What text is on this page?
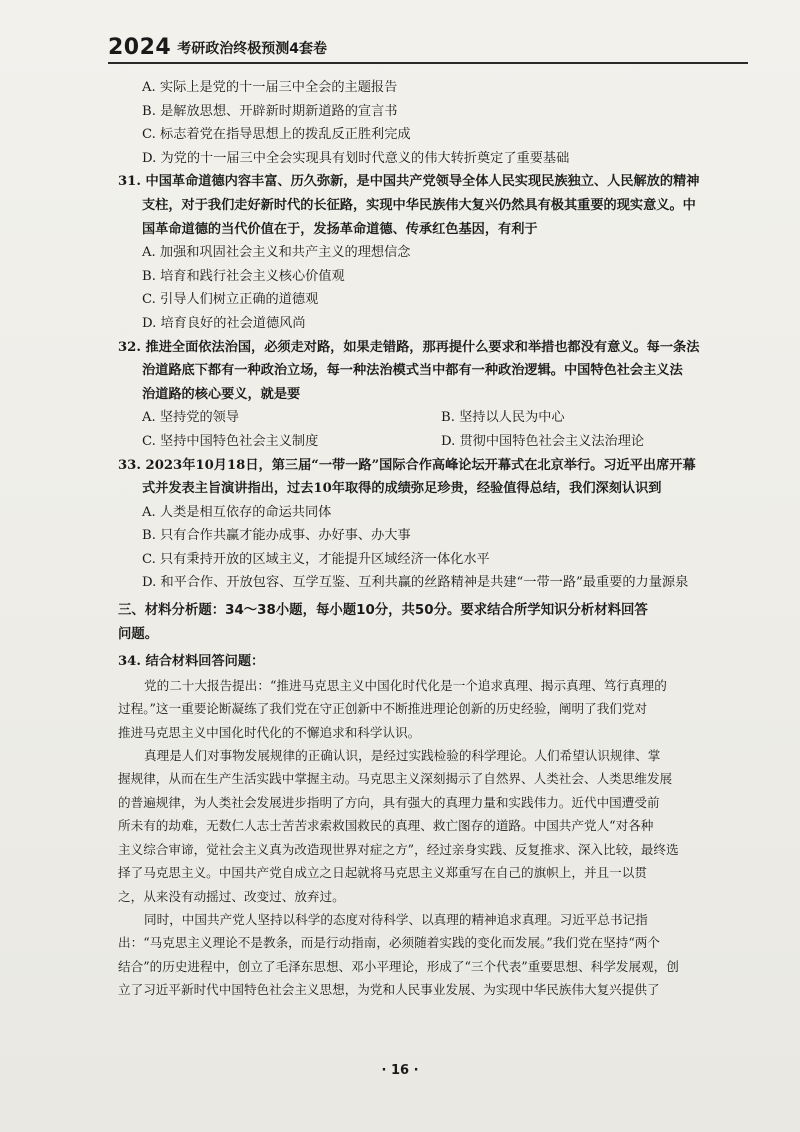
2024 考研政治终极预测4套卷
A. 实际上是党的十一届三中全会的主题报告
B. 是解放思想、开辟新时期新道路的宣言书
C. 标志着党在指导思想上的拨乱反正胜利完成
D. 为党的十一届三中全会实现具有划时代意义的伟大转折奠定了重要基础
31. 中国革命道德内容丰富、历久弥新，是中国共产党领导全体人民实现民族独立、人民解放的精神
支柱，对于我们走好新时代的长征路，实现中华民族伟大复兴仍然具有极其重要的现实意义。中
国革命道德的当代价值在于，发扬革命道德、传承红色基因，有利于
A. 加强和巩固社会主义和共产主义的理想信念
B. 培育和践行社会主义核心价值观
C. 引导人们树立正确的道德观
D. 培育良好的社会道德风尚
32. 推进全面依法治国，必须走对路，如果走错路，那再提什么要求和举措也都没有意义。每一条法
治道路底下都有一种政治立场，每一种法治模式当中都有一种政治逻辑。中国特色社会主义法
治道路的核心要义，就是要
A. 坚持党的领导	B. 坚持以人民为中心
C. 坚持中国特色社会主义制度	D. 贯彻中国特色社会主义法治理论
33. 2023年10月18日，第三届“一带一路”国际合作高峰论坛开幕式在北京举行。习近平出席开幕
式并发表主旨演讲指出，过去10年取得的成绩弥足珍贵，经验值得总结，我们深刻认识到
A. 人类是相互依存的命运共同体
B. 只有合作共赢才能办成事、办好事、办大事
C. 只有秉持开放的区域主义，才能提升区域经济一体化水平
D. 和平合作、开放包容、互学互鉴、互利共赢的丝路精神是共建“一带一路”最重要的力量源泉
三、材料分析题：34～38小题，每小题10分，共50分。要求结合所学知识分析材料回答
问题。
34. 结合材料回答问题：
党的二十大报告提出：“推进马克思主义中国化时代化是一个追求真理、揭示真理、笃行真理的
过程。”这一重要论断凝练了我们党在守正创新中不断推进理论创新的历史经验，阐明了我们党对
推进马克思主义中国化时代化的不懈追求和科学认识。
真理是人们对事物发展规律的正确认识，是经过实践检验的科学理论。人们希望认识规律、掌
握规律，从而在生产生活实践中掌握主动。马克思主义深刻揭示了自然界、人类社会、人类思维发展
的普遍规律，为人类社会发展进步指明了方向，具有强大的真理力量和实践伟力。近代中国遭受前
所未有的劫难，无数仁人志士苦苦求索救国救民的真理、救亡图存的道路。中国共产党人“对各种
主义综合审谛，觉社会主义真为改造现世界对症之方”，经过亲身实践、反复推求、深入比较，最终选
择了马克思主义。中国共产党自成立之日起就将马克思主义郑重写在自己的旗帜上，并且一以贯
之，从来没有动摇过、改变过、放弃过。
同时，中国共产党人坚持以科学的态度对待科学、以真理的精神追求真理。习近平总书记指
出：“马克思主义理论不是教条，而是行动指南，必须随着实践的变化而发展。”我们党在坚持“两个
结合”的历史进程中，创立了毛泽东思想、邓小平理论，形成了“三个代表”重要思想、科学发展观，创
立了习近平新时代中国特色社会主义思想，为党和人民事业发展、为实现中华民族伟大复兴提供了
· 16 ·
